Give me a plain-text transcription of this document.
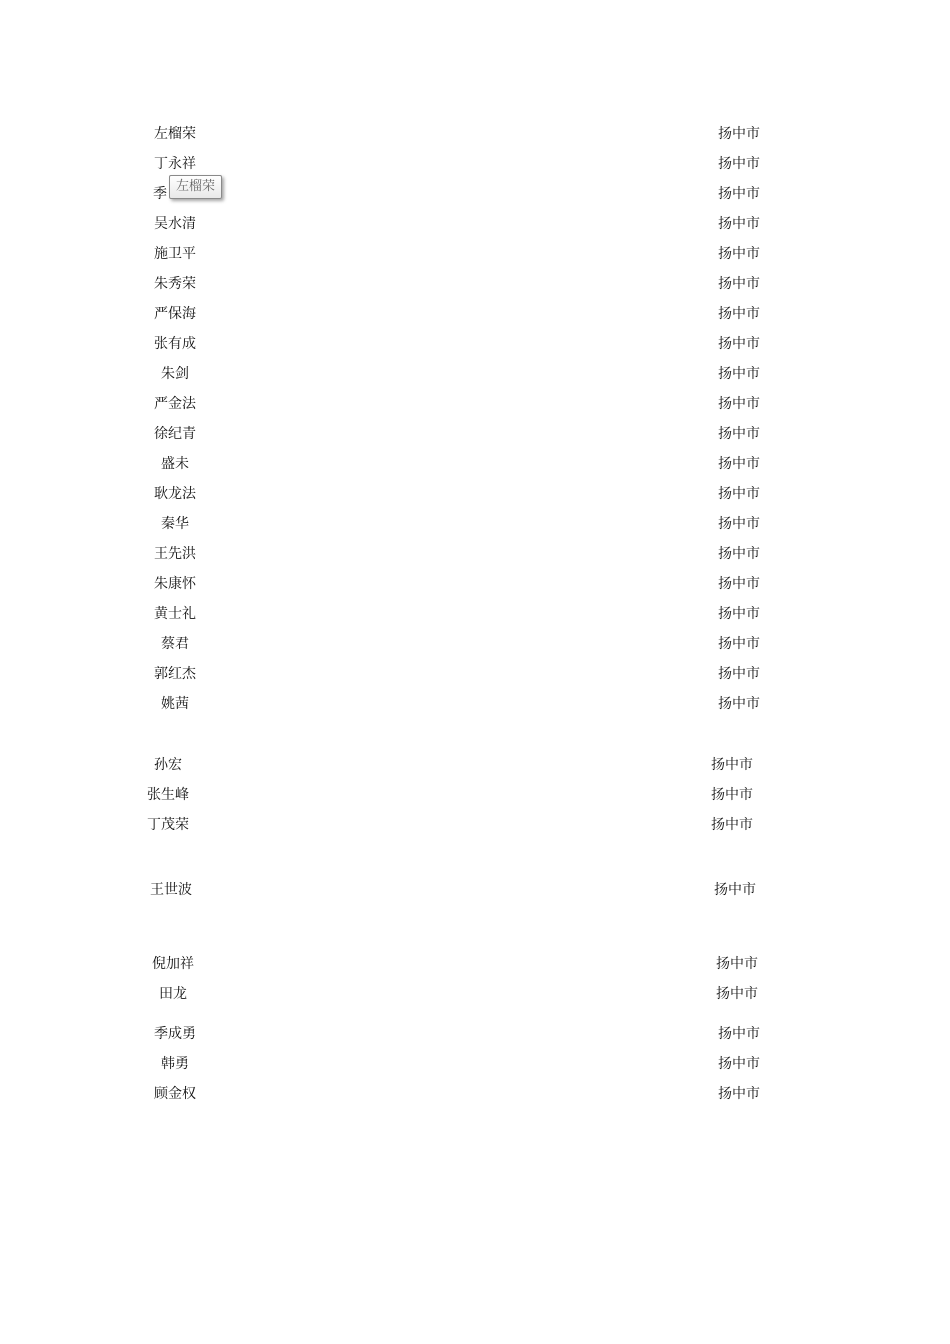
左榴荣	扬中市
丁永祥	扬中市
季	扬中市
吴水清	扬中市
施卫平	扬中市
朱秀荣	扬中市
严保海	扬中市
张有成	扬中市
朱剑	扬中市
严金法	扬中市
徐纪青	扬中市
盛未	扬中市
耿龙法	扬中市
秦华	扬中市
王先洪	扬中市
朱康怀	扬中市
黄士礼	扬中市
蔡君	扬中市
郭红杰	扬中市
姚茜	扬中市
孙宏	扬中市
张生峰	扬中市
丁茂荣	扬中市
王世波	扬中市
倪加祥	扬中市
田龙	扬中市
季成勇	扬中市
韩勇	扬中市
顾金权	扬中市
左榴荣
